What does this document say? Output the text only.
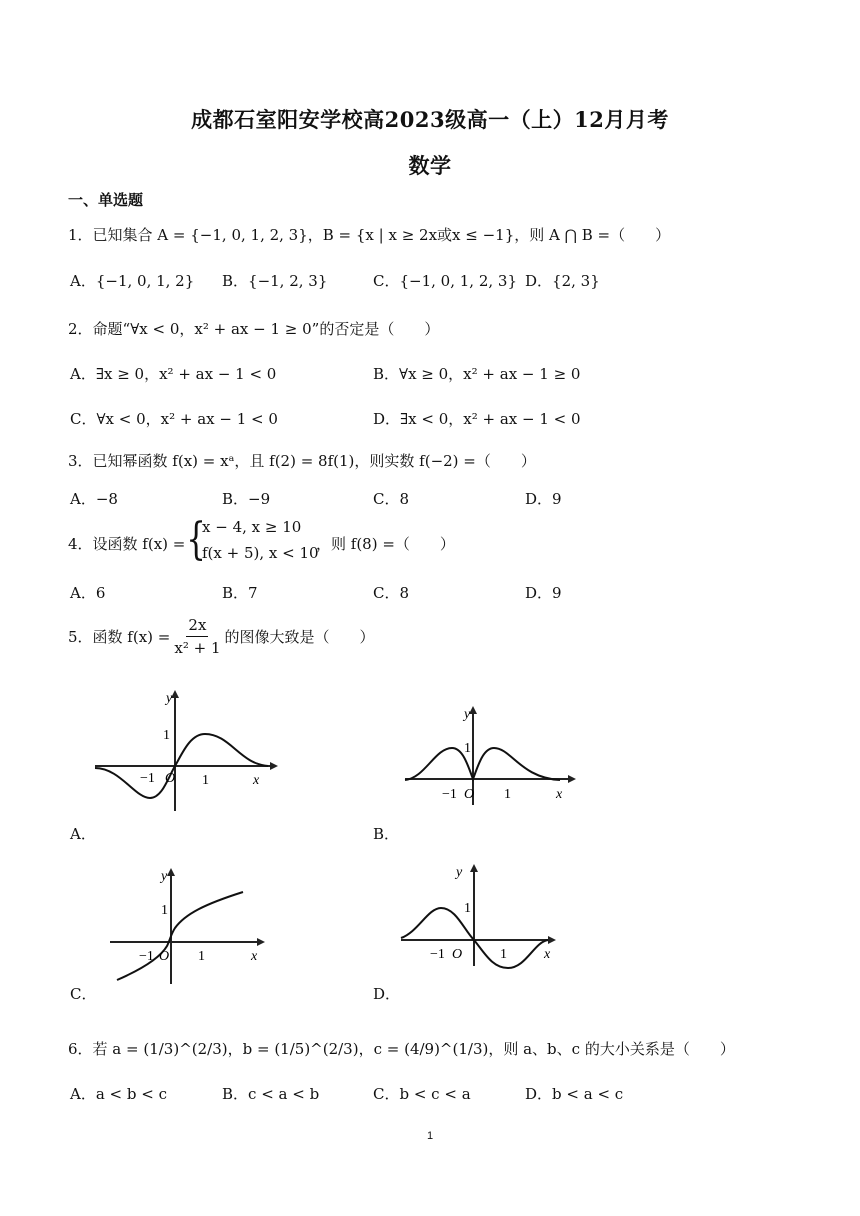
成都石室阳安学校高2023级高一（上）12月月考
数学
一、单选题
1．已知集合 A = {−1, 0, 1, 2, 3}，B = {x | x ≥ 2x或x ≤ −1}，则 A ⋂ B =（　　）
A．{−1, 0, 1, 2} B．{−1, 2, 3}	C．{−1, 0, 1, 2, 3} D．{2, 3}
2．命题“∀x < 0，x² + ax − 1 ≥ 0”的否定是（　　）
A．∃x ≥ 0，x² + ax − 1 < 0	B．∀x ≥ 0，x² + ax − 1 ≥ 0
C．∀x < 0，x² + ax − 1 < 0	D．∃x < 0，x² + ax − 1 < 0
3．已知幂函数 f(x) = xᵃ，且 f(2) = 8f(1)，则实数 f(−2) =（　　）
A．−8	B．−9	C．8	D．9
4．设函数 f(x) = {
x − 4, x ≥ 10
f(x + 5), x < 10
，则 f(8) =（　　）
A．6	B．7	C．8	D．9
5．函数 $f(x) = \frac{2x}{\text{x² + 1}}$ 的图像大致是（　　）
y
x
1
1
−1 O
A．
y
x
1
1
−1 O
B．
y
x
1
1
−1 O
C．
y
x
1
1
−1 O
D．
6．若 a = (1/3)^(2/3)，b = (1/5)^(2/3)，c = (4/9)^(1/3)，则 a、b、c 的大小关系是（　　）
A．a < b < c	B．c < a < b	C．b < c < a	D．b < a < c
1
